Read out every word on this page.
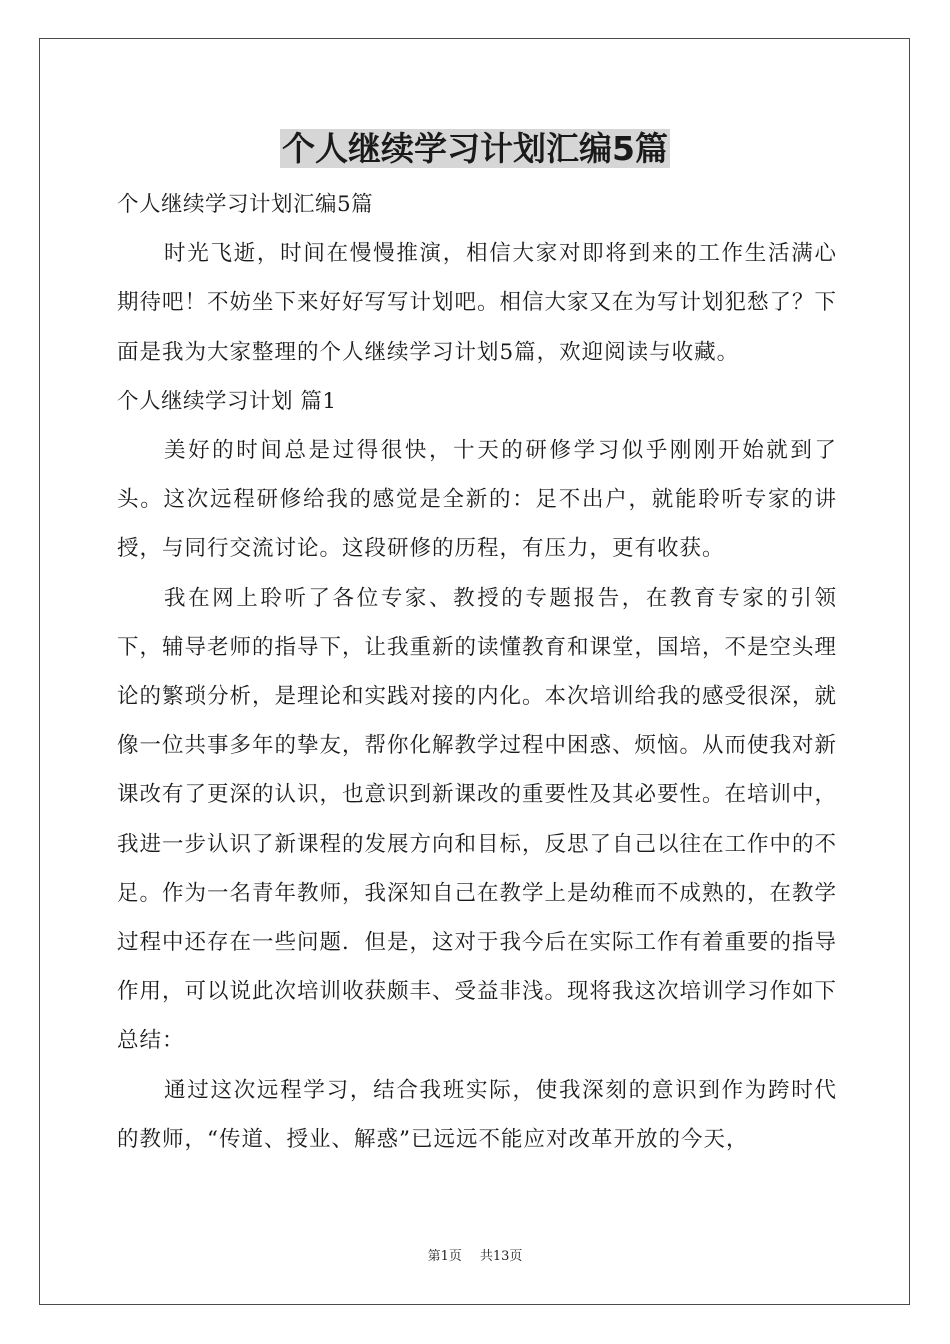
个人继续学习计划汇编5篇

个人继续学习计划汇编5篇

时光飞逝，时间在慢慢推演，相信大家对即将到来的工作生活满心期待吧！不妨坐下来好好写写计划吧。相信大家又在为写计划犯愁了？下面是我为大家整理的个人继续学习计划5篇，欢迎阅读与收藏。

个人继续学习计划 篇1

美好的时间总是过得很快，十天的研修学习似乎刚刚开始就到了头。这次远程研修给我的感觉是全新的：足不出户，就能聆听专家的讲授，与同行交流讨论。这段研修的历程，有压力，更有收获。

我在网上聆听了各位专家、教授的专题报告，在教育专家的引领下，辅导老师的指导下，让我重新的读懂教育和课堂，国培，不是空头理论的繁琐分析，是理论和实践对接的内化。本次培训给我的感受很深，就像一位共事多年的挚友，帮你化解教学过程中困惑、烦恼。从而使我对新课改有了更深的认识，也意识到新课改的重要性及其必要性。在培训中，我进一步认识了新课程的发展方向和目标，反思了自己以往在工作中的不足。作为一名青年教师，我深知自己在教学上是幼稚而不成熟的，在教学过程中还存在一些问题．但是，这对于我今后在实际工作有着重要的指导作用，可以说此次培训收获颇丰、受益非浅。现将我这次培训学习作如下总结：

通过这次远程学习，结合我班实际，使我深刻的意识到作为跨时代的教师，“传道、授业、解惑”已远远不能应对改革开放的今天，

第1页 共13页
